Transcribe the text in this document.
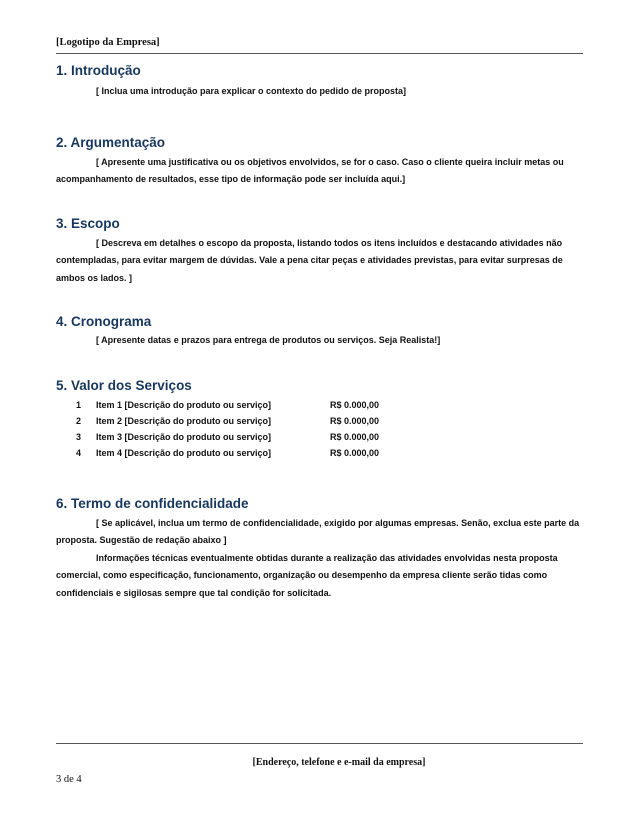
[Logotipo da Empresa]
1. Introdução

[ Inclua uma introdução para explicar o contexto do pedido de proposta]

2. Argumentação

[ Apresente uma justificativa ou os objetivos envolvidos, se for o caso. Caso o cliente queira incluir metas ou acompanhamento de resultados, esse tipo de informação pode ser incluída aqui.]

3. Escopo

[ Descreva em detalhes o escopo da proposta, listando todos os itens incluídos e destacando atividades não contempladas, para evitar margem de dúvidas. Vale a pena citar peças e atividades previstas, para evitar surpresas de ambos os lados. ]

4. Cronograma

[ Apresente datas e prazos para entrega de produtos ou serviços. Seja Realista!]

5. Valor dos Serviços
1	Item 1 [Descrição do produto ou serviço]	R$ 0.000,00
2	Item 2 [Descrição do produto ou serviço]	R$ 0.000,00
3	Item 3 [Descrição do produto ou serviço]	R$ 0.000,00
4	Item 4 [Descrição do produto ou serviço]	R$ 0.000,00
6. Termo de confidencialidade

[ Se aplicável, inclua um termo de confidencialidade, exigido por algumas empresas. Senão, exclua este parte da proposta. Sugestão de redação abaixo ]

Informações técnicas eventualmente obtidas durante a realização das atividades envolvidas nesta proposta comercial, como especificação, funcionamento, organização ou desempenho da empresa cliente serão tidas como confidenciais e sigilosas sempre que tal condição for solicitada.

[Endereço, telefone e e-mail da empresa]
3 de 4
